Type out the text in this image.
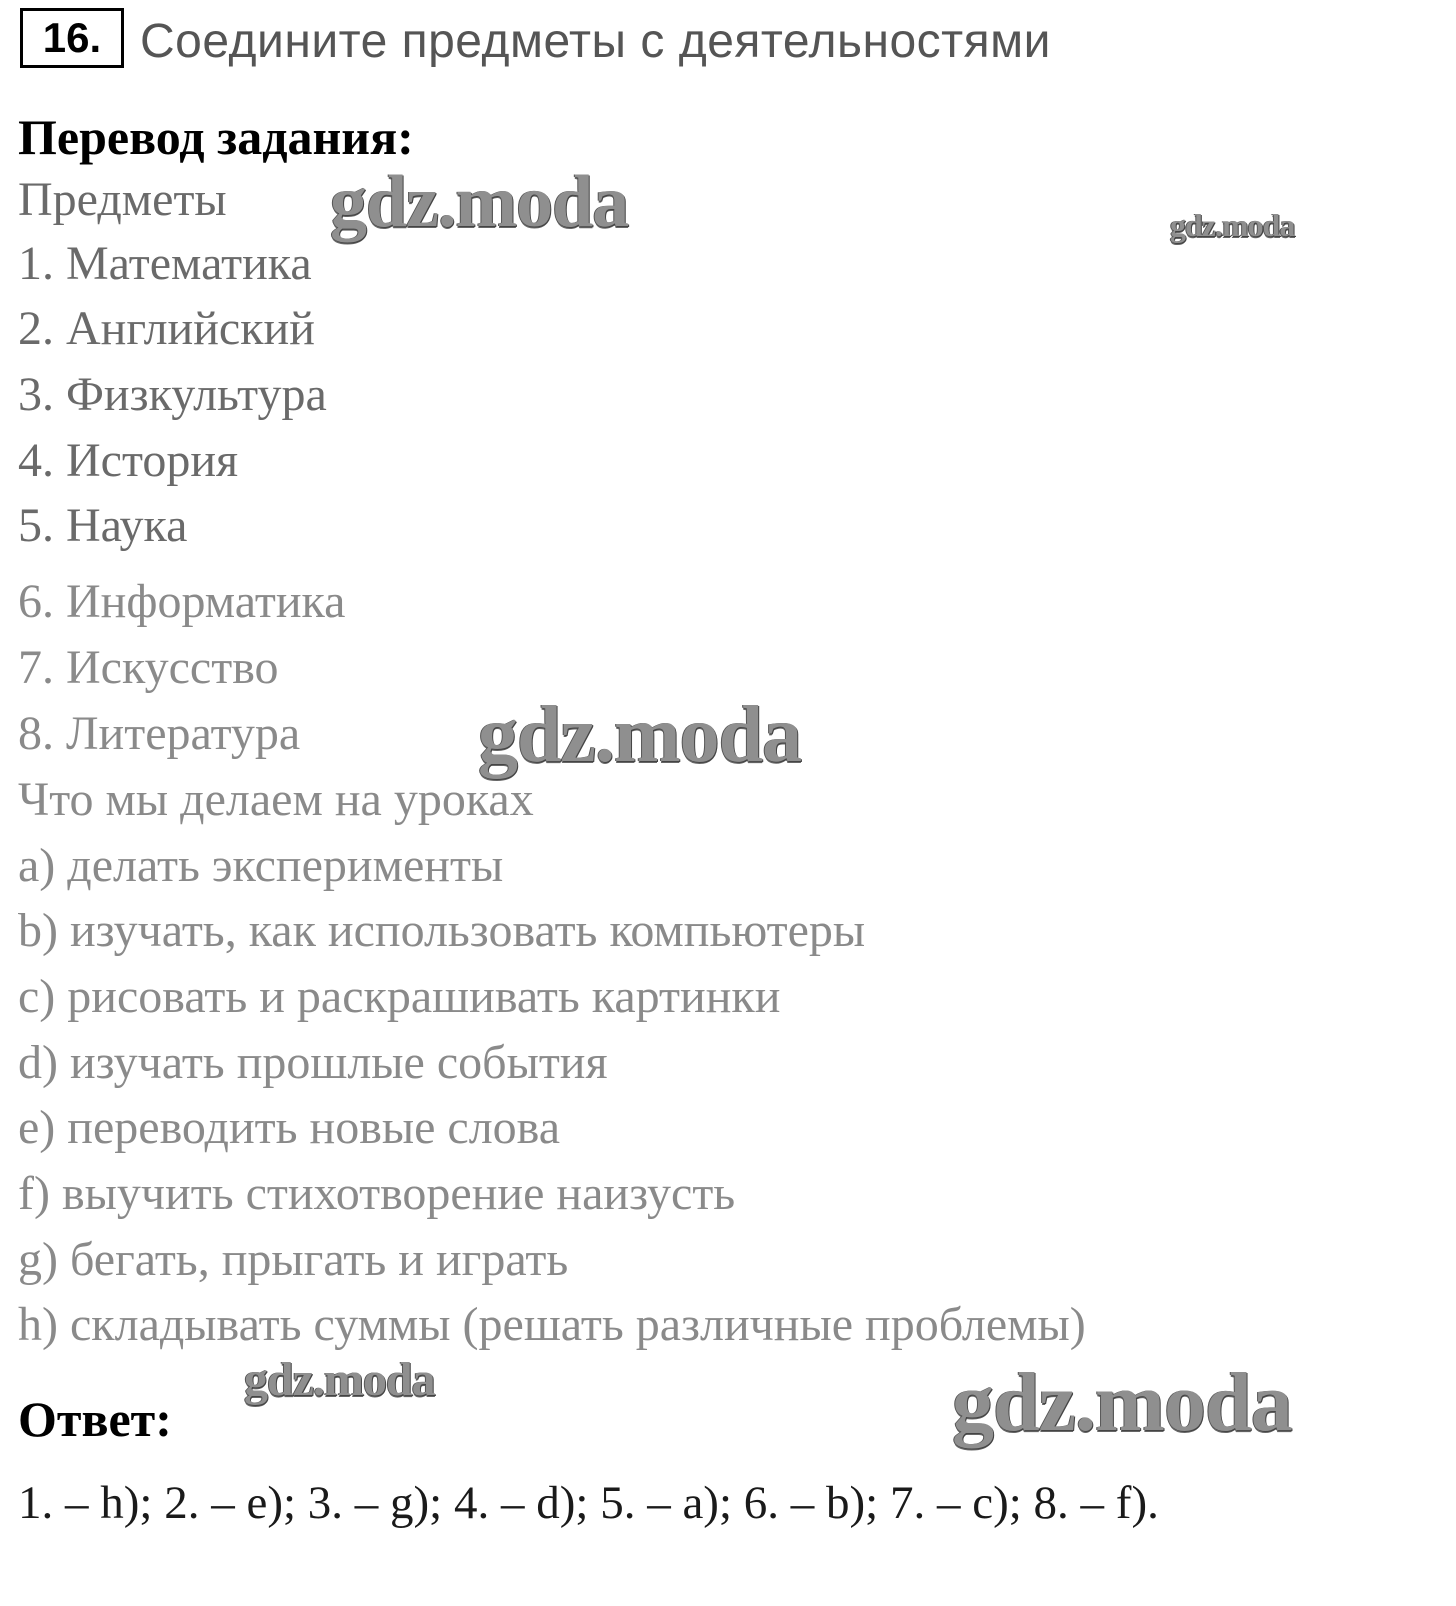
16. Соедините предметы с деятельностями
Перевод задания:
Предметы
1. Математика
2. Английский
3. Физкультура
4. История
5. Наука
6. Информатика
7. Искусство
8. Литература
Что мы делаем на уроках
a) делать эксперименты
b) изучать, как использовать компьютеры
c) рисовать и раскрашивать картинки
d) изучать прошлые события
e) переводить новые слова
f) выучить стихотворение наизусть
g) бегать, прыгать и играть
h) складывать суммы (решать различные проблемы)
Ответ:
1. – h); 2. – e); 3. – g); 4. – d); 5. – a); 6. – b); 7. – c); 8. – f).
gdz.moda	gdz.moda
gdz.moda
gdz.moda	gdz.moda
